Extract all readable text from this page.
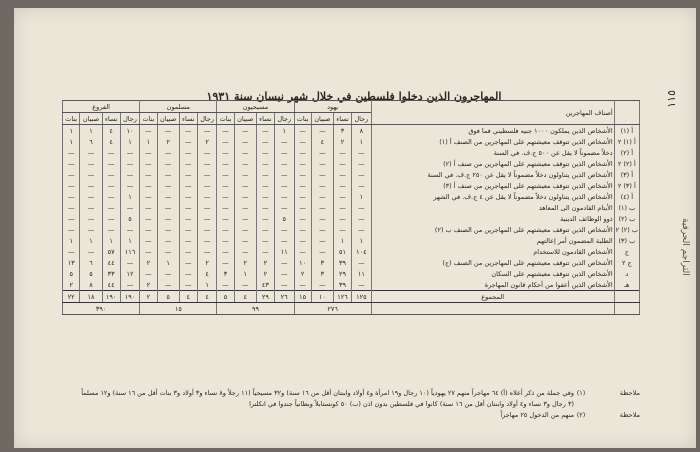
١١٥
التراجم الحرفية
المهاجرون الذين دخلوا فلسطين في خلال شهر نيسان سنة ١٩٣١
	أصناف المهاجرين	يهود				مسيحيون				مسلمون				الفروع			
		رجال	نساء	صبيان	بنات	رجال	نساء	صبيان	بنات	رجال	نساء	صبيان	بنات	رجال	نساء	صبيان	بنات
أ (١)	الأشخاص الذين يملكون ١٠٠٠ جنيه فلسطيني فما فوق	٨	٣	—	—	١	—	—	—	—	—	—	—	١٠	٤	١	١
أ (١) ٢	الأشخاص الذين تتوقف معيشتهم على المهاجرين من الصنف أ (١)	١	٢	٤	—	—	—	—	—	٢	—	٢	١	١	٤	٦	١
أ (٢)	دخلاً مضموناً لا يقل عن ٥٠٠ ج.ف. في السنة	—	—	—	—	—	—	—	—	—	—	—	—	—	—	—	—
أ (٢) ٢	الأشخاص الذين تتوقف معيشتهم على المهاجرين من صنف أ (٢)	—	—	—	—	—	—	—	—	—	—	—	—	—	—	—	—
أ (٣)	الأشخاص الذين يتناولون دخلاً مضموناً لا يقل عن ٢٥٠ ج.ف. في السنة	—	—	—	—	—	—	—	—	—	—	—	—	—	—	—	—
أ (٣) ٢	الأشخاص الذين تتوقف معيشتهم على المهاجرين من صنف أ (٣)	—	—	—	—	—	—	—	—	—	—	—	—	—	—	—	—
أ (٤)	الأشخاص الذين يتناولون دخلاً مضموناً لا يقل عن ٤ ج.ف. في الشهر	١	—	—	—	—	—	—	—	—	—	—	—	١	—	—	—
ب (١)	الأيتام القادمون الى المعاهد	—	—	—	—	—	—	—	—	—	—	—	—	—	—	—	—
ب (٢)	ذوو الوظائف الدينية	—	—	—	—	٥	—	—	—	—	—	—	—	٥	—	—	—
ب (٢) ٢	الأشخاص الذين تتوقف معيشتهم على المهاجرين من الصنف ب (٢)	—	—	—	—	—	—	—	—	—	—	—	—	—	—	—	—
ب (٣)	الطلبة المضمون أمر إعالتهم	١	١	—	—	—	—	—	—	—	—	—	—	١	١	١	١
ج	الأشخاص القادمون للاستخدام	١٠٤	٥١	—	—	١١	—	—	—	—	—	—	—	١١٦	٥٧	—	—
ج ٢	الأشخاص الذين تتوقف معيشتهم على المهاجرين من الصنف (ج)	—	٣٩	٣	١٠	—	٢	٢	—	٢	—	١	٢	—	٤٤	٦	١٣
د	الأشخاص الذين تتوقف معيشتهم على السكان	١١	٢٩	٣	٢	—	٢	١	٣	٤	—	—	—	١٢	٣٣	٥	٥
هـ	الأشخاص الذين أعفوا من أحكام قانون المهاجرة	—	٣٩	—	—	—	٤٣	—	—	١	—	—	٢	—	٤٤	٨	٢
	المجموع	١٢٥	١٢٦	١٠	١٥	٢٦	٢٩	٤	٥	٤	٤	٥	٢	١٩٠	١٩٠	١٨	٢٢
		٢٧٦				٩٩				١٥				٣٩٠			
ملاحظة
(١)
وفي جملة من ذكر أعلاه (أ) ٦٤ مهاجراً منهم ٢٧ يهودياً (١٠ رجال و١٩ امرأة و٤ أولاد وابنتان أقل من ١٦ سنة) و٣٢ مسيحياً (١١ رجلاً و٨ نساء و٣ أولاد و٣ بنات أقل من ١٦ سنة) و١٢ مسلماً
(٣ رجال و٣ نساء و٤ أولاد وابنتان أقل من ١٦ سنة) كانوا في فلسطين بدون اذن (ب) ٥٠ كونستابلاً وبطانياً جندوا في انكلترا
ملاحظة
(٢)
منهم من الدخول ٢٥ مهاجراً
